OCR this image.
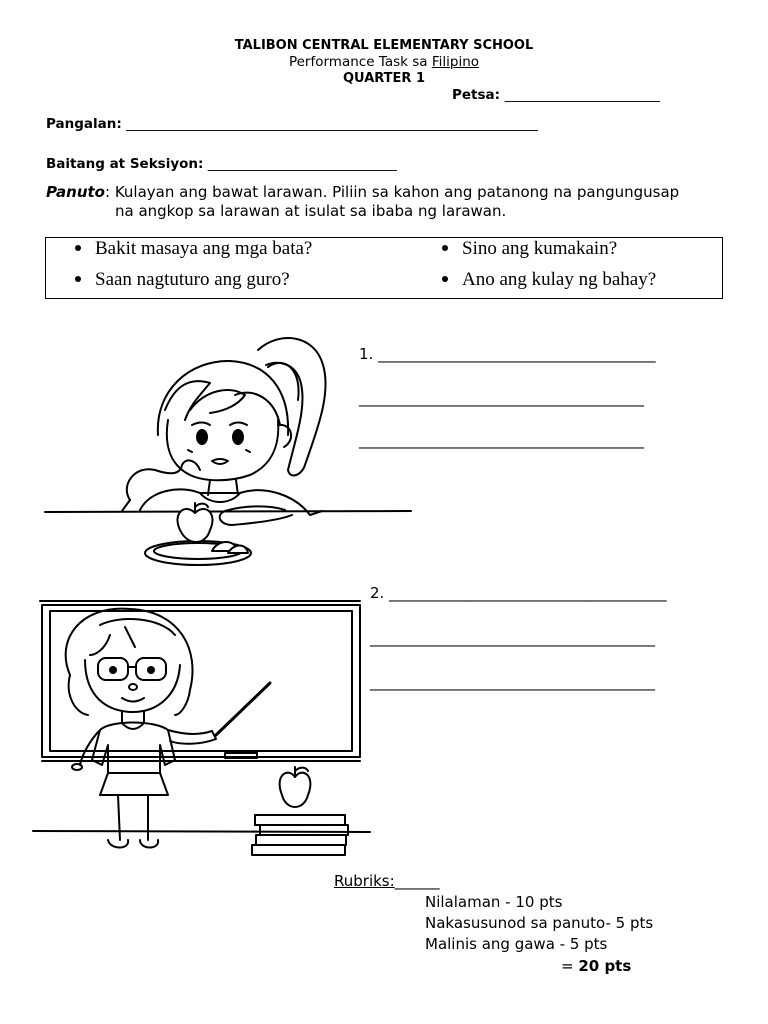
TALIBON CENTRAL ELEMENTARY SCHOOL
Performance Task sa Filipino
QUARTER 1
Petsa: _______________________
Pangalan: _____________________________________________________________
Baitang at Seksiyon: ____________________________
Panuto: Kulayan ang bawat larawan. Piliin sa kahon ang patanong na pangungusap
na angkop sa larawan at isulat sa ibaba ng larawan.
Bakit masaya ang mga bata?	Sino ang kumakain?
Saan nagtuturo ang guro?	Ano ang kulay ng bahay?
1. _____________________________________
______________________________________
______________________________________
2. _____________________________________
______________________________________
______________________________________
Rubriks:______
Nilalaman - 10 pts
Nakasusunod sa panuto- 5 pts
Malinis ang gawa - 5 pts
= 20 pts
